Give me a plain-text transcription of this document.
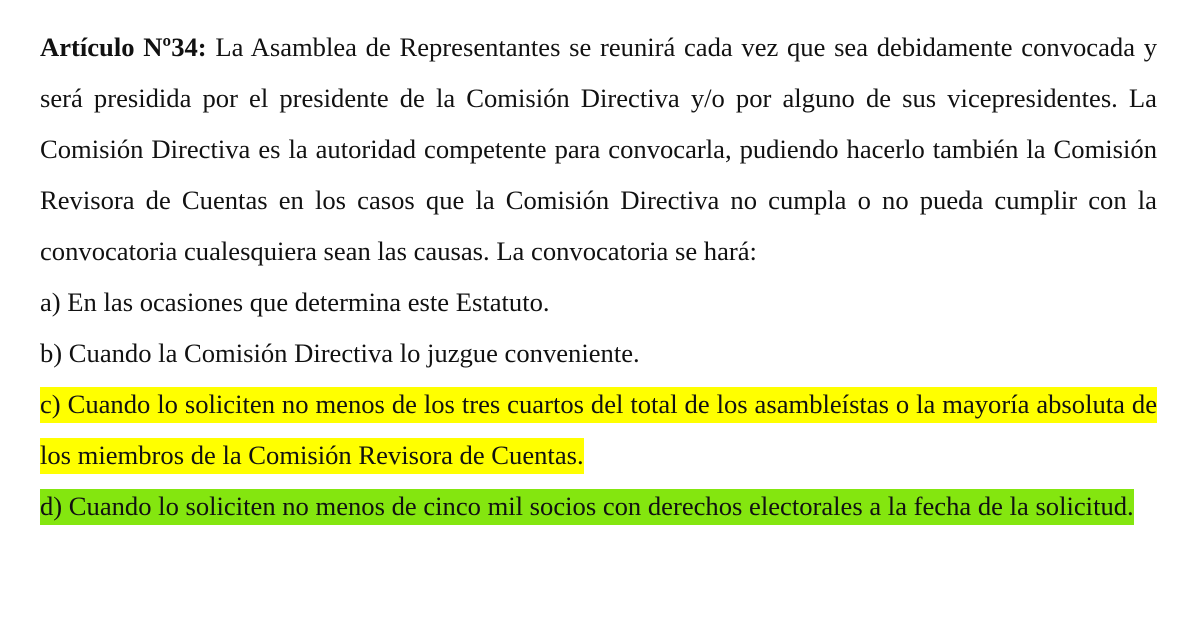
Artículo Nº34: La Asamblea de Representantes se reunirá cada vez que sea debidamente convocada y será presidida por el presidente de la Comisión Directiva y/o por alguno de sus vicepresidentes. La Comisión Directiva es la autoridad competente para convocarla, pudiendo hacerlo también la Comisión Revisora de Cuentas en los casos que la Comisión Directiva no cumpla o no pueda cumplir con la convocatoria cualesquiera sean las causas. La convocatoria se hará:

a) En las ocasiones que determina este Estatuto.

b) Cuando la Comisión Directiva lo juzgue conveniente.

c) Cuando lo soliciten no menos de los tres cuartos del total de los asambleístas o la mayoría absoluta de los miembros de la Comisión Revisora de Cuentas.

d) Cuando lo soliciten no menos de cinco mil socios con derechos electorales a la fecha de la solicitud.
